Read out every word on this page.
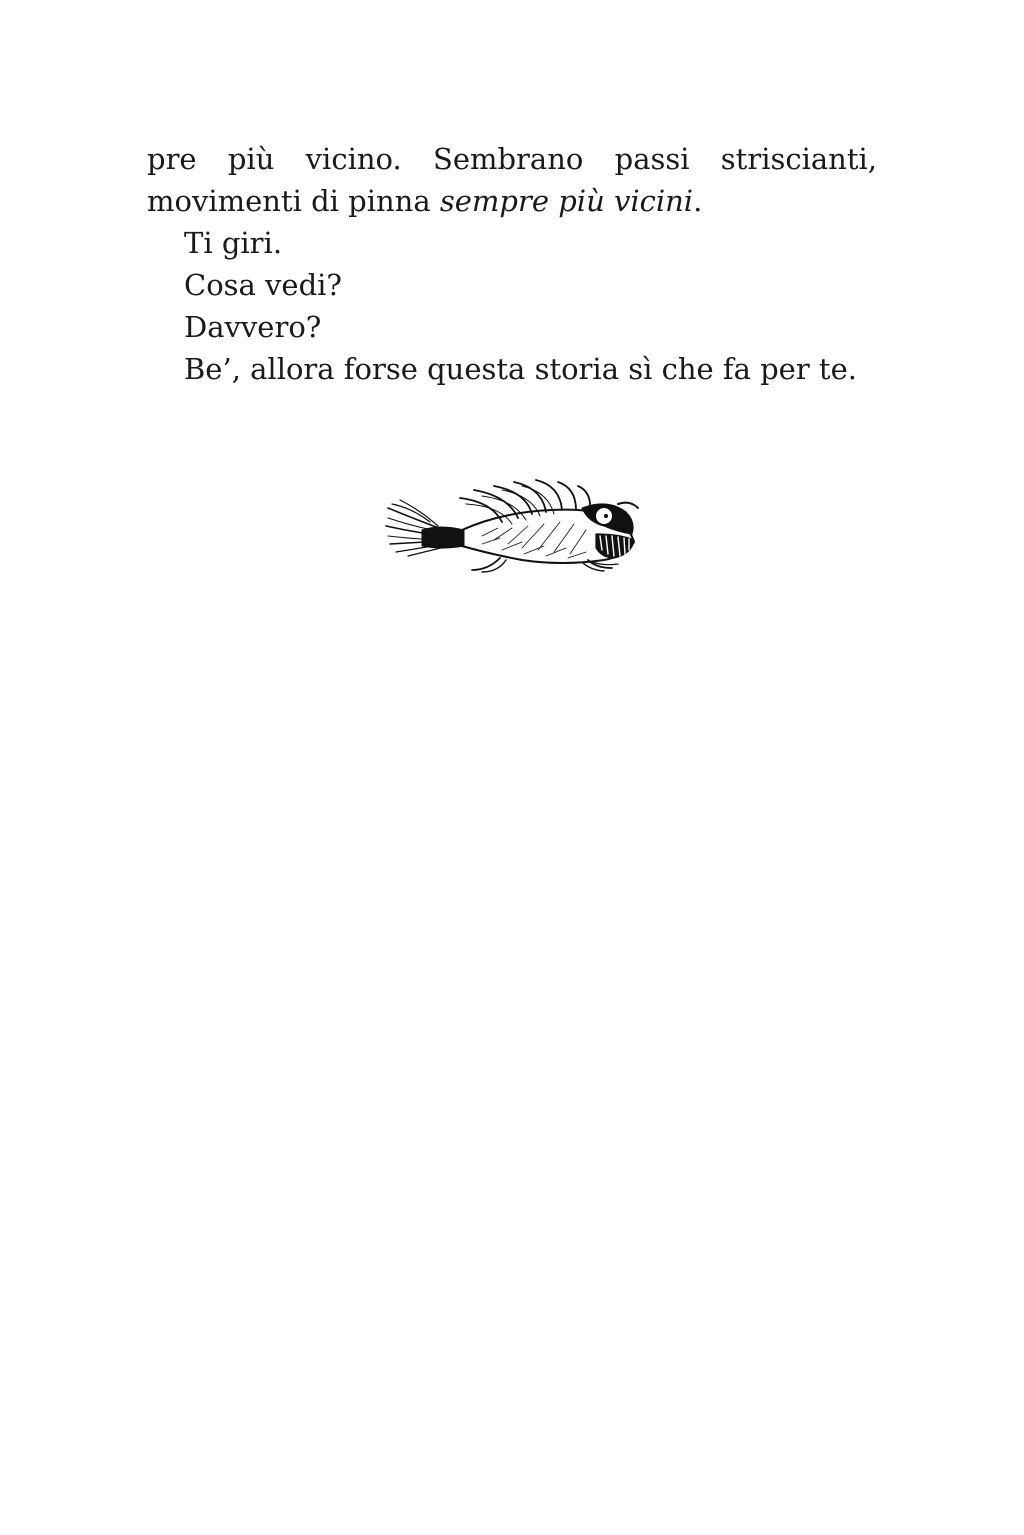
pre più vicino. Sembrano passi striscianti, movimenti di pinna sempre più vicini.

Ti giri.

Cosa vedi?

Davvero?

Be’, allora forse questa storia sì che fa per te.
